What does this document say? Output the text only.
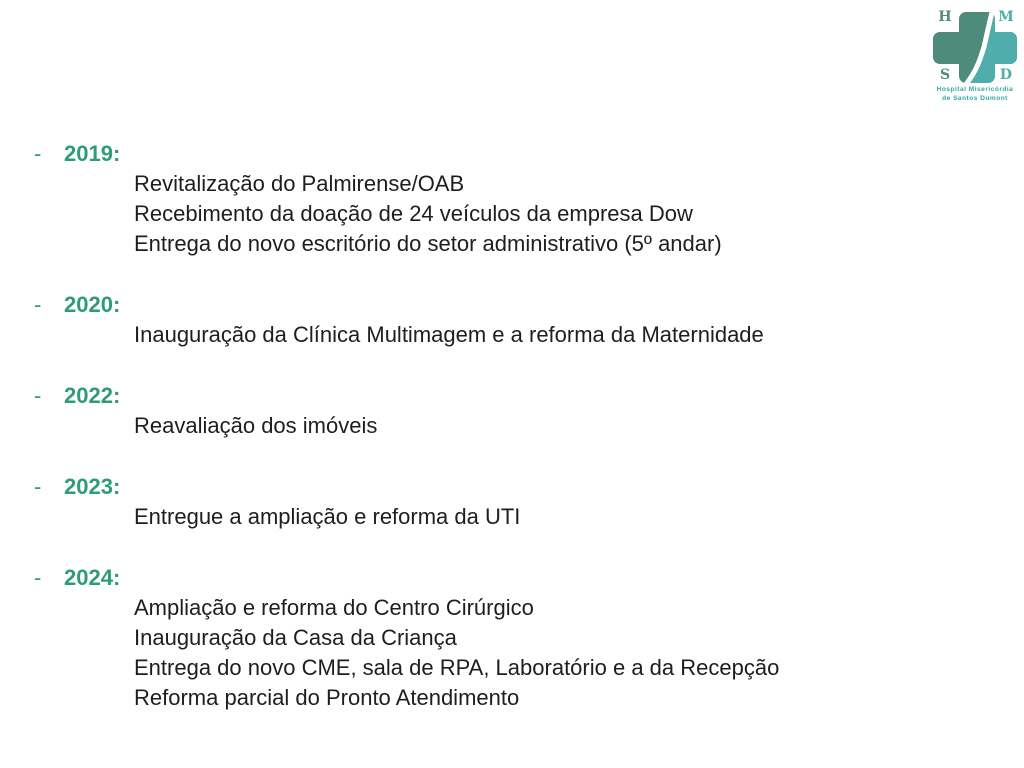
H	M
S	D
Hospital Misericórdia
de Santos Dumont
- 2019:
Revitalização do Palmirense/OAB
Recebimento da doação de 24 veículos da empresa Dow
Entrega do novo escritório do setor administrativo (5º andar)
- 2020:
Inauguração da Clínica Multimagem e a reforma da Maternidade
- 2022:
Reavaliação dos imóveis
- 2023:
Entregue a ampliação e reforma da UTI
- 2024:
Ampliação e reforma do Centro Cirúrgico
Inauguração da Casa da Criança
Entrega do novo CME, sala de RPA, Laboratório e a da Recepção
Reforma parcial do Pronto Atendimento
